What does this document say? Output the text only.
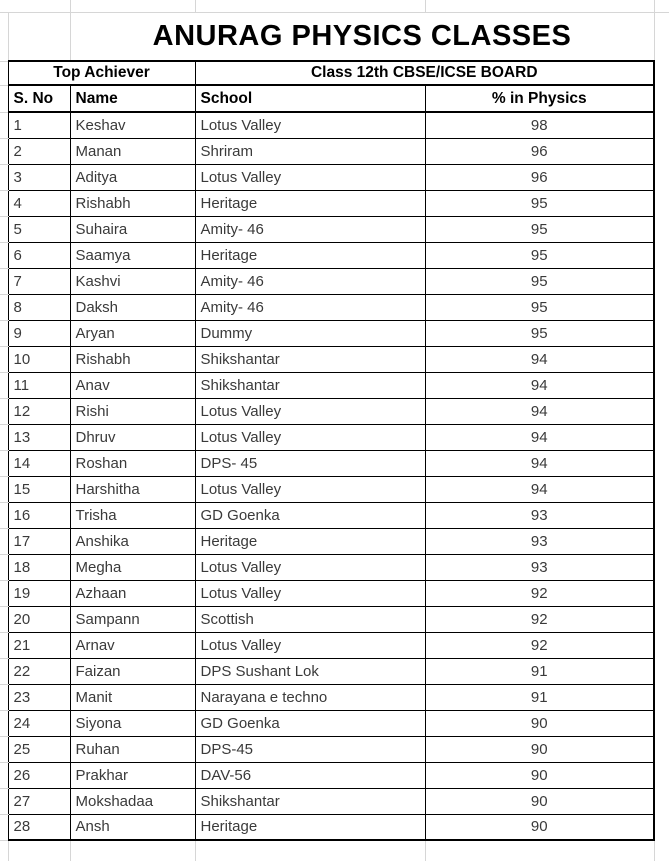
		ANURAG PHYSICS CLASSES			
	Top Achiever		Class 12th CBSE/ICSE BOARD		
	S. No	Name	School	% in Physics	
	1	Keshav	Lotus Valley	98	
	2	Manan	Shriram	96	
	3	Aditya	Lotus Valley	96	
	4	Rishabh	Heritage	95	
	5	Suhaira	Amity- 46	95	
	6	Saamya	Heritage	95	
	7	Kashvi	Amity- 46	95	
	8	Daksh	Amity- 46	95	
	9	Aryan	Dummy	95	
	10	Rishabh	Shikshantar	94	
	11	Anav	Shikshantar	94	
	12	Rishi	Lotus Valley	94	
	13	Dhruv	Lotus Valley	94	
	14	Roshan	DPS- 45	94	
	15	Harshitha	Lotus Valley	94	
	16	Trisha	GD Goenka	93	
	17	Anshika	Heritage	93	
	18	Megha	Lotus Valley	93	
	19	Azhaan	Lotus Valley	92	
	20	Sampann	Scottish	92	
	21	Arnav	Lotus Valley	92	
	22	Faizan	DPS Sushant Lok	91	
	23	Manit	Narayana e techno	91	
	24	Siyona	GD Goenka	90	
	25	Ruhan	DPS-45	90	
	26	Prakhar	DAV-56	90	
	27	Mokshadaa	Shikshantar	90	
	28	Ansh	Heritage	90	
